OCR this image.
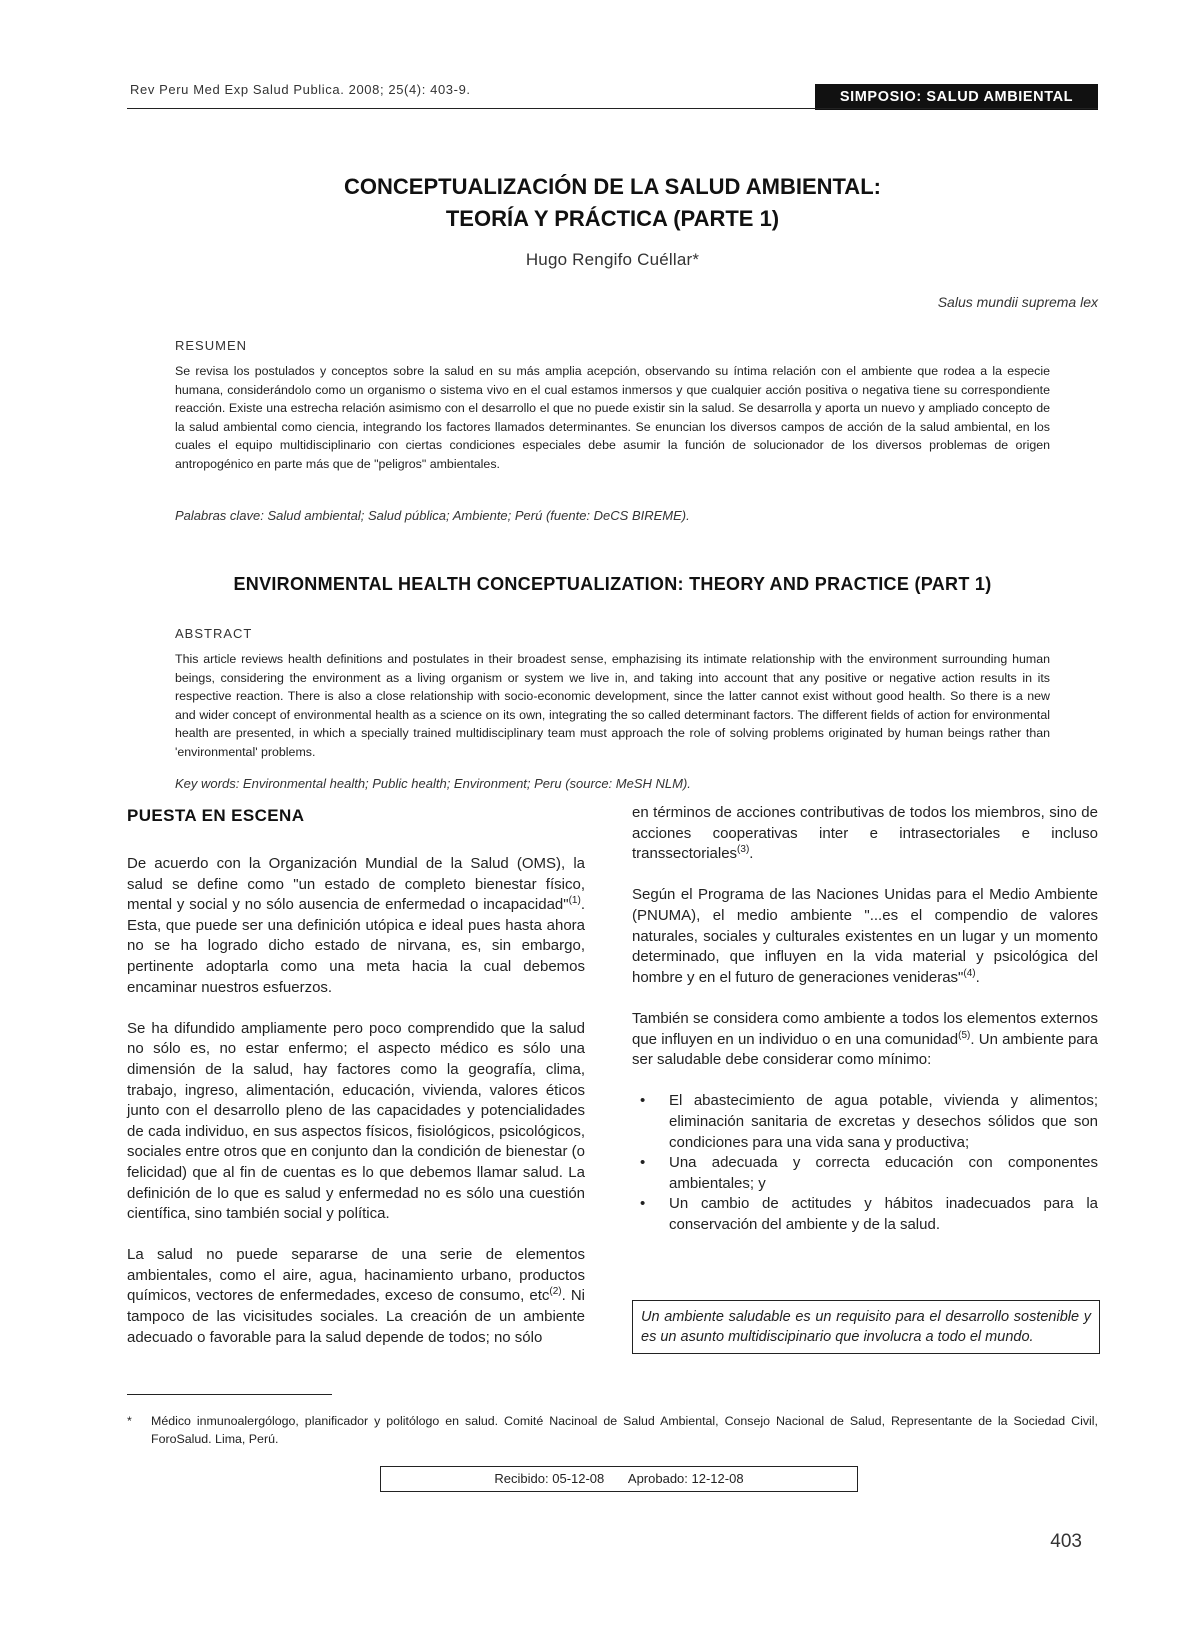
Rev Peru Med Exp Salud Publica. 2008; 25(4): 403-9.	SIMPOSIO: SALUD AMBIENTAL
CONCEPTUALIZACIÓN DE LA SALUD AMBIENTAL:
TEORÍA Y PRÁCTICA (PARTE 1)
Hugo Rengifo Cuéllar*
Salus mundii suprema lex
RESUMEN

Se revisa los postulados y conceptos sobre la salud en su más amplia acepción, observando su íntima relación con el ambiente que rodea a la especie humana, considerándolo como un organismo o sistema vivo en el cual estamos inmersos y que cualquier acción positiva o negativa tiene su correspondiente reacción. Existe una estrecha relación asimismo con el desarrollo el que no puede existir sin la salud. Se desarrolla y aporta un nuevo y ampliado concepto de la salud ambiental como ciencia, integrando los factores llamados determinantes. Se enuncian los diversos campos de acción de la salud ambiental, en los cuales el equipo multidisciplinario con ciertas condiciones especiales debe asumir la función de solucionador de los diversos problemas de origen antropogénico en parte más que de "peligros" ambientales.

Palabras clave: Salud ambiental; Salud pública; Ambiente; Perú (fuente: DeCS BIREME).
ENVIRONMENTAL HEALTH CONCEPTUALIZATION: THEORY AND PRACTICE (PART 1)
ABSTRACT

This article reviews health definitions and postulates in their broadest sense, emphazising its intimate relationship with the environment surrounding human beings, considering the environment as a living organism or system we live in, and taking into account that any positive or negative action results in its respective reaction. There is also a close relationship with socio-economic development, since the latter cannot exist without good health. So there is a new and wider concept of environmental health as a science on its own, integrating the so called determinant factors. The different fields of action for environmental health are presented, in which a specially trained multidisciplinary team must approach the role of solving problems originated by human beings rather than 'environmental' problems.

Key words: Environmental health; Public health; Environment; Peru (source: MeSH NLM).
PUESTA EN ESCENA

De acuerdo con la Organización Mundial de la Salud (OMS), la salud se define como "un estado de completo bienestar físico, mental y social y no sólo ausencia de enfermedad o incapacidad"$^{(1)}$. Esta, que puede ser una definición utópica e ideal pues hasta ahora no se ha logrado dicho estado de nirvana, es, sin embargo, pertinente adoptarla como una meta hacia la cual debemos encaminar nuestros esfuerzos.

Se ha difundido ampliamente pero poco comprendido que la salud no sólo es, no estar enfermo; el aspecto médico es sólo una dimensión de la salud, hay factores como la geografía, clima, trabajo, ingreso, alimentación, educación, vivienda, valores éticos junto con el desarrollo pleno de las capacidades y potencialidades de cada individuo, en sus aspectos físicos, fisiológicos, psicológicos, sociales entre otros que en conjunto dan la condición de bienestar (o felicidad) que al fin de cuentas es lo que debemos llamar salud. La definición de lo que es salud y enfermedad no es sólo una cuestión científica, sino también social y política.

La salud no puede separarse de una serie de elementos ambientales, como el aire, agua, hacinamiento urbano, productos químicos, vectores de enfermedades, exceso de consumo, etc$^{(2)}$. Ni tampoco de las vicisitudes sociales. La creación de un ambiente adecuado o favorable para la salud depende de todos; no sólo

en términos de acciones contributivas de todos los miembros, sino de acciones cooperativas inter e intrasectoriales e incluso transsectoriales$^{(3)}$.

Según el Programa de las Naciones Unidas para el Medio Ambiente (PNUMA), el medio ambiente "...es el compendio de valores naturales, sociales y culturales existentes en un lugar y un momento determinado, que influyen en la vida material y psicológica del hombre y en el futuro de generaciones venideras"$^{(4)}$.

También se considera como ambiente a todos los elementos externos que influyen en un individuo o en una comunidad$^{(5)}$. Un ambiente para ser saludable debe considerar como mínimo:

• El abastecimiento de agua potable, vivienda y alimentos; eliminación sanitaria de excretas y desechos sólidos que son condiciones para una vida sana y productiva;
• Una adecuada y correcta educación con componentes ambientales; y
• Un cambio de actitudes y hábitos inadecuados para la conservación del ambiente y de la salud.
Un ambiente saludable es un requisito para el desarrollo sostenible y es un asunto multidiscipinario que involucra a todo el mundo.
* Médico inmunoalergólogo, planificador y politólogo en salud. Comité Nacinoal de Salud Ambiental, Consejo Nacional de Salud, Representante de la Sociedad Civil, ForoSalud. Lima, Perú.
Recibido: 05-12-08 Aprobado: 12-12-08
403
